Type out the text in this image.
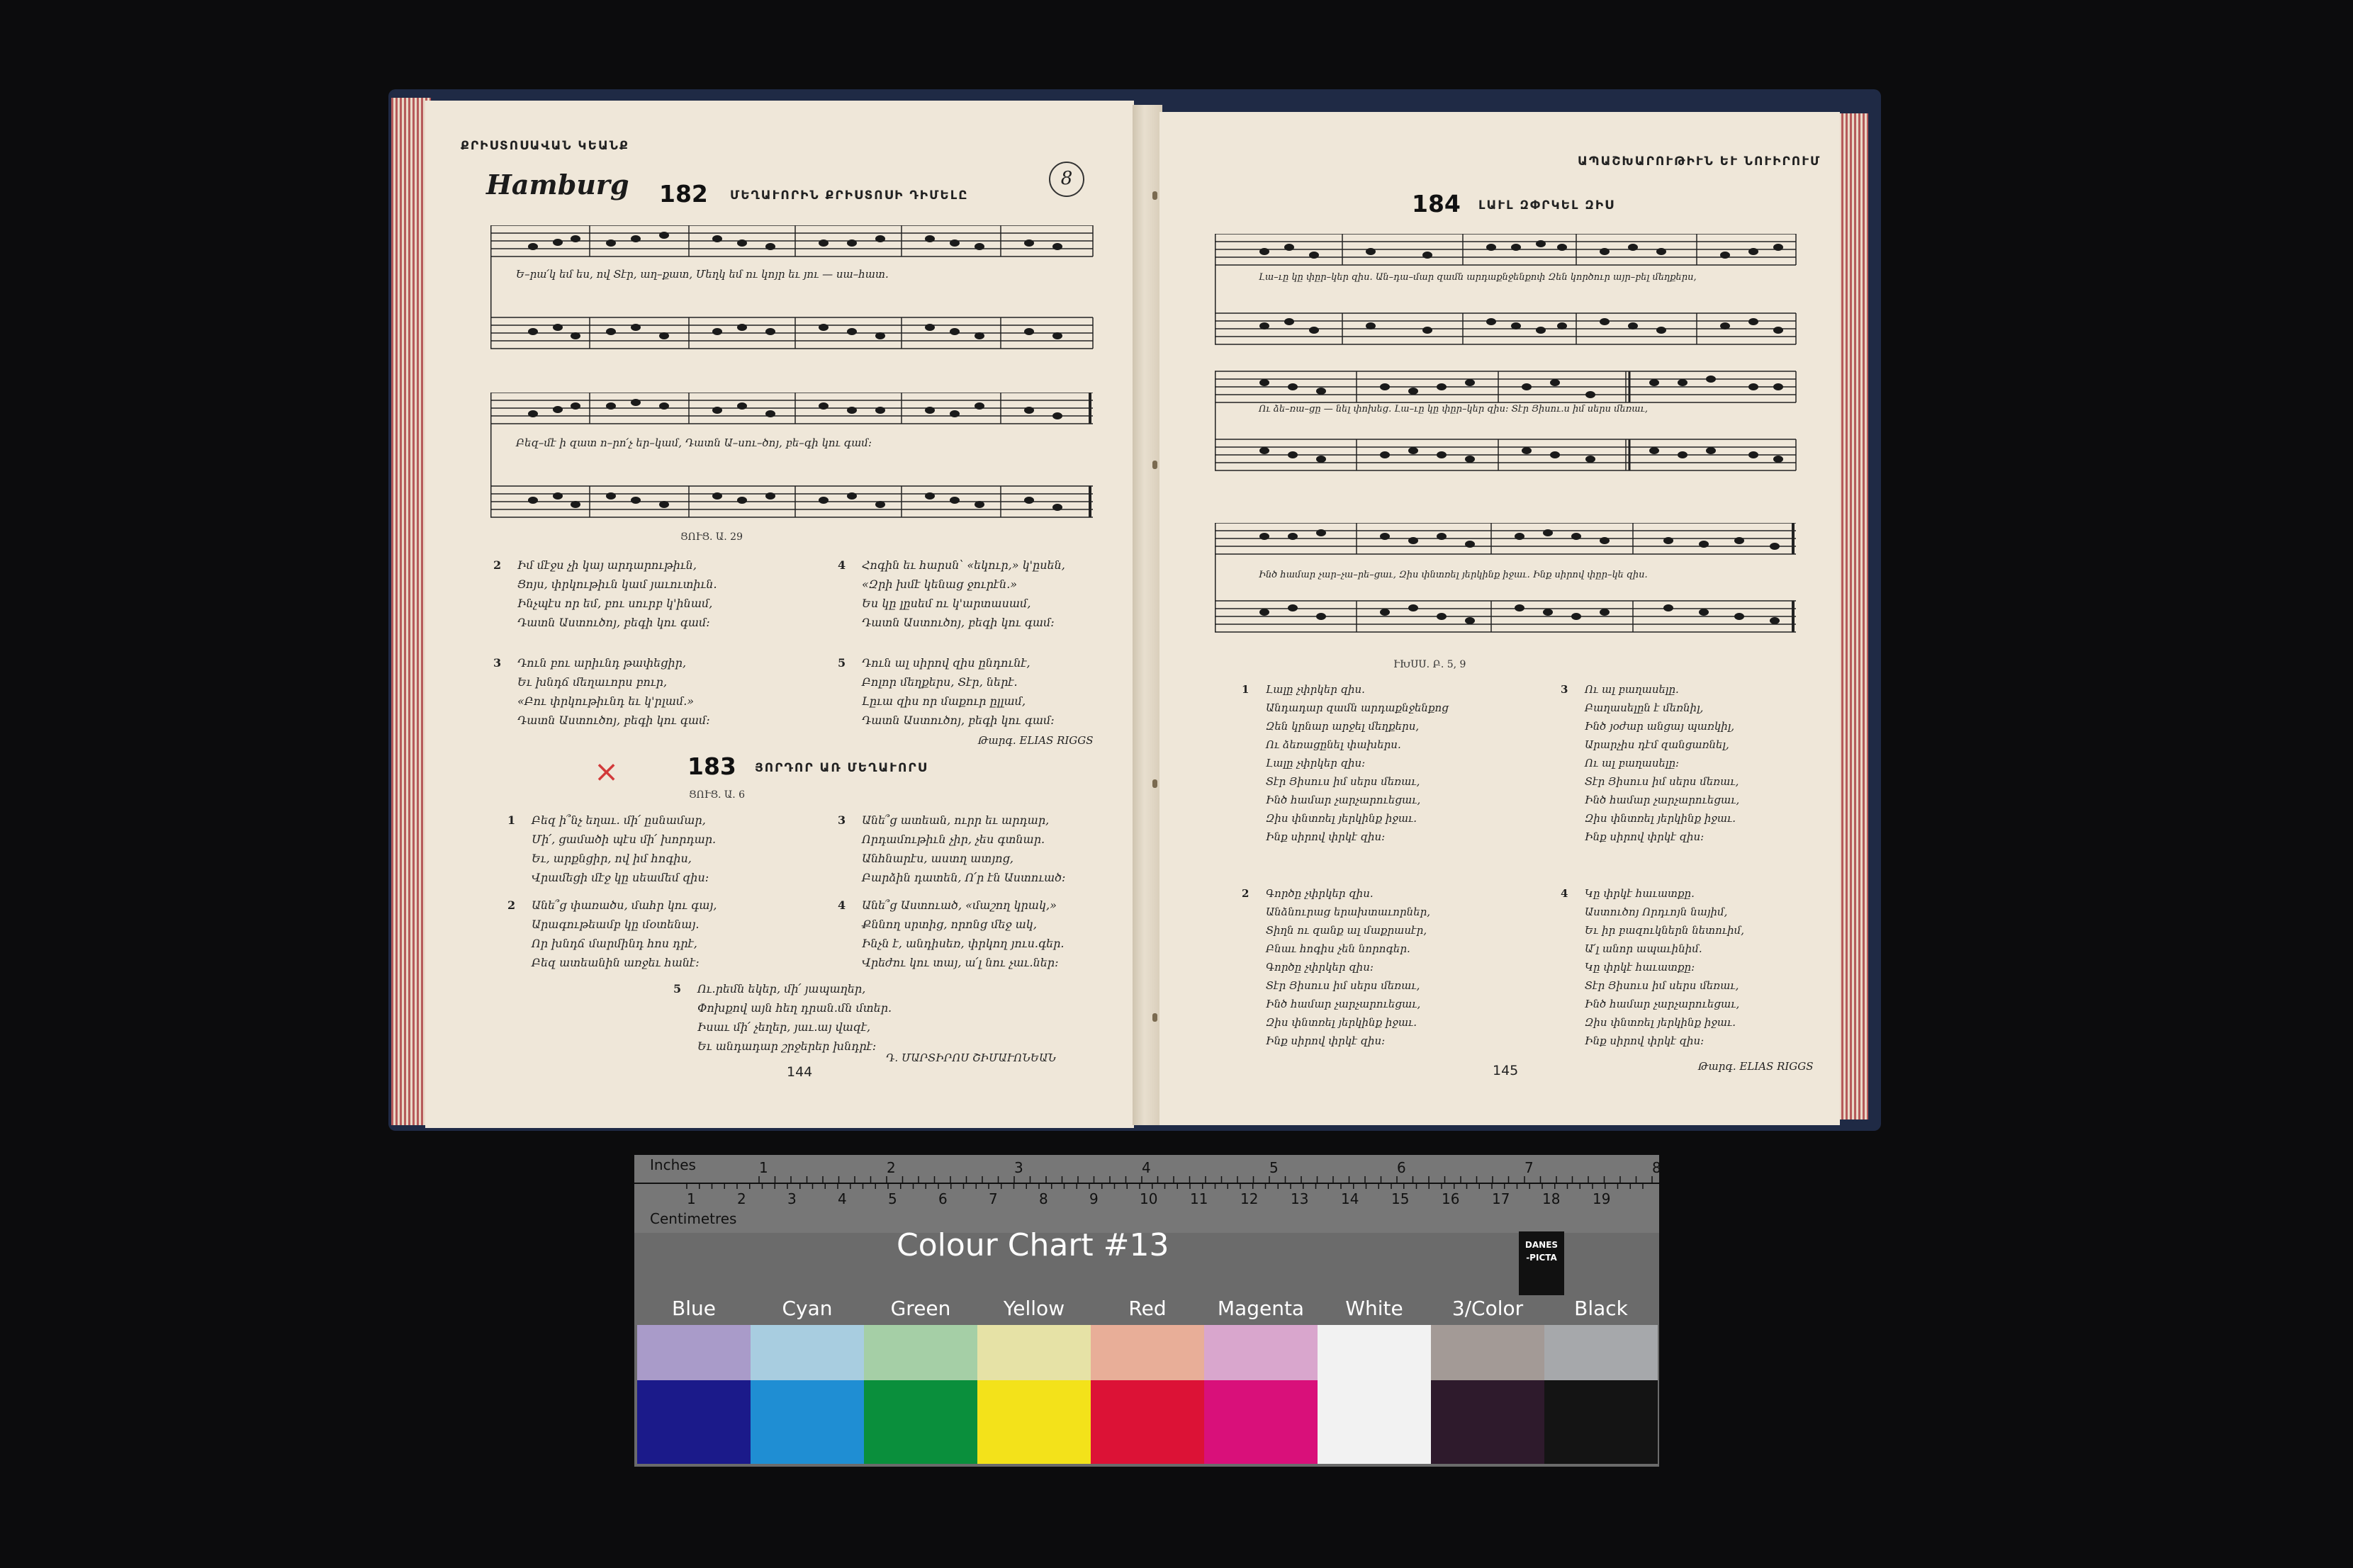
ՔՐԻՍՏՈՍԱՎԱՆ ԿԵԱՆՔ
Hamburg	8
182 ՄԵՂԱՒՈՐԻՆ ՔՐԻՍՏՈՍԻ ԴԻՄԵԼԸ
Ե–րա՛կ եմ ես, ով Տէր, աղ–քատ, Մեղկ եմ ու կոյր եւ յու — սա–հատ.
Բեզ–մէ ի զատ ո–րո՛չ եր–կամ, Դատն Ա–սու–ծոյ, բե–գի կու գամ:
ՑՈՒՑ. Ա. 29
2 Իմ մէջս չի կայ արդարութիւն,
Ցոյս, փրկութիւն կամ յաւուտիւն.
Ինչպէս որ եմ, բու սուրբ կ'ինամ,
Դատն Աստուծոյ, բեգի կու գամ:
3 Դուն բու արիւնդ թափեցիր,
Եւ խնդճ մեղաւորս բուր,
«Բու փրկութիւնդ եւ կ'րլամ.»
Դատն Աստուծոյ, բեգի կու գամ:
4 Հոգին եւ հարսն՝ «եկուր,» կ'ըսեն,
«Զրի խմէ կենաց ջուրէն.»
Ես կը լըսեմ ու կ'արտասամ,
Դատն Աստուծոյ, բեգի կու գամ:
5 Դուն ալ սիրով զիս ընդունէ,
Բոլոր մեղքերս, Տէր, ներէ.
Լըւա զիս որ մաքուր ըլլամ,
Դատն Աստուծոյ, բեգի կու գամ:
Թարգ. ELIAS RIGGS
×	183 ՅՈՐԴՈՐ ԱՌ ՄԵՂԱՒՈՐՍ
ՑՈՒՑ. Ա. 6
1 Բեզ ի՞նչ եղաւ. մի՛ ըսնամար,
Մի՛, ցամածի պէս մի՛ խորդար.
Եւ, արքնցիր, ով իմ հոգիս,
Վրամեցի մէջ կը սեամեմ զիս:
2 Անե՞ց փառածս, մահր կու գայ,
Արագութեամբ կը մօտենայ.
Որ խնդճ մարմինդ հոս դրէ,
Բեզ ատեանին առջեւ հանէ:
3 Անե՞ց ատեան, ուրր եւ արդար,
Որդամութիւն չիր, չես գտնար.
Անհնարէս, աստղ ատյոց,
Բարձին դատեն, Ո՛ր էն Աստուած:
4 Անե՞ց Աստուած, «մաշող կրակ,»
Քննող սրտից, որոնց մեջ ակ,
Ինչն է, անդիսեռ, փրկող յուս.գեր.
Վրեժու կու տայ, ա՛լ նու չաւ.ներ:
5 Ու.րեմն եկեր, մի՛ յապաղեր,
Փոխքով այն հեղ դրան.մն մտեր.
Իսաւ մի՛ չեղեր, յաւ.այ վազէ,
Եւ անդադար շրջերեր խնդրէ:
Դ. ՄԱՐՏԻՐՈՍ ՇԻՄԱՒՈՆԵԱՆ
144
ԱՊԱՇԽԱՐՈՒԹԻՒՆ ԵՒ ՆՈՒԻՐՈՒՄ
184 ԼԱՒԼ ԶՓՐԿԵԼ ԶԻՍ
Լա–ւը կը փըր–կեր զիս. Ան–դա–մար զամն արդաքնջենքոփ Զեն կործուր այր–բել մեղքերս,
Ու ձե–ռա–ցը — նել փոխեց. Լա–ւը կը փըր–կեր զիս: Տէր Յիսու.ս իմ սերս մեռաւ,
Ինծ համար չար–չա–րե–ցաւ, Զիս փնտռել յերկինք իջաւ. Ինք սիրով փըր–կե զիս.
ՒԽՍՍ. Բ. 5, 9
1 Լալը չփրկեր զիս.
Անդադար զամն արդաքնջենքոց
Զեն կրնար արջել մեղքերս,
Ու ձեռացընել փախերս.
Լալը չփրկեր զիս:
Տէր Յիսուս իմ սերս մեռաւ,
Ինծ համար չարչարուեցաւ,
Զիս փնտռել յերկինք իջաւ.
Ինք սիրով փրկէ զիս:
2 Գործը չփրկեր զիս.
Անձնուրաց երախտաւորներ,
Տիղն ու զանք ալ մաքրասէր,
Բնաւ հոգիս չեն նորոգեր.
Գործը չփրկեր զիս:
Տէր Յիսուս իմ սերս մեռաւ,
Ինծ համար չարչարուեցաւ,
Զիս փնտռել յերկինք իջաւ.
Ինք սիրով փրկէ զիս:
3 Ու ալ բաղասելը.
Բաղասելըն է մեռնիլ,
Ինծ յօժար անցայ պառկիլ,
Արարչիս դէմ զանցառնել,
Ու ալ բաղասելը:
Տէր Յիսուս իմ սերս մեռաւ,
Ինծ համար չարչարուեցաւ,
Զիս փնտռել յերկինք իջաւ.
Ինք սիրով փրկէ զիս:
4 Կը փրկէ հաւատքը.
Աստուծոյ Որդւոյն նայիմ,
Եւ իր բազուկներն նետուիմ,
Ա՛լ անոր ապաւինիմ.
Կը փրկէ հաւատքը:
Տէր Յիսուս իմ սերս մեռաւ,
Ինծ համար չարչարուեցաւ,
Զիս փնտռել յերկինք իջաւ.
Ինք սիրով փրկէ զիս:
145	Թարգ. ELIAS RIGGS
Inches
Centimetres
1	2	3	4	5	6	7	8
1	2	3	4	5	6	7	8	9	10 11 12 13 14 15 16 17 18 19
Colour Chart #13	DANES
-PICTA
Blue	Cyan	Green	Yellow	Red	Magenta	White	3/Color	Black
